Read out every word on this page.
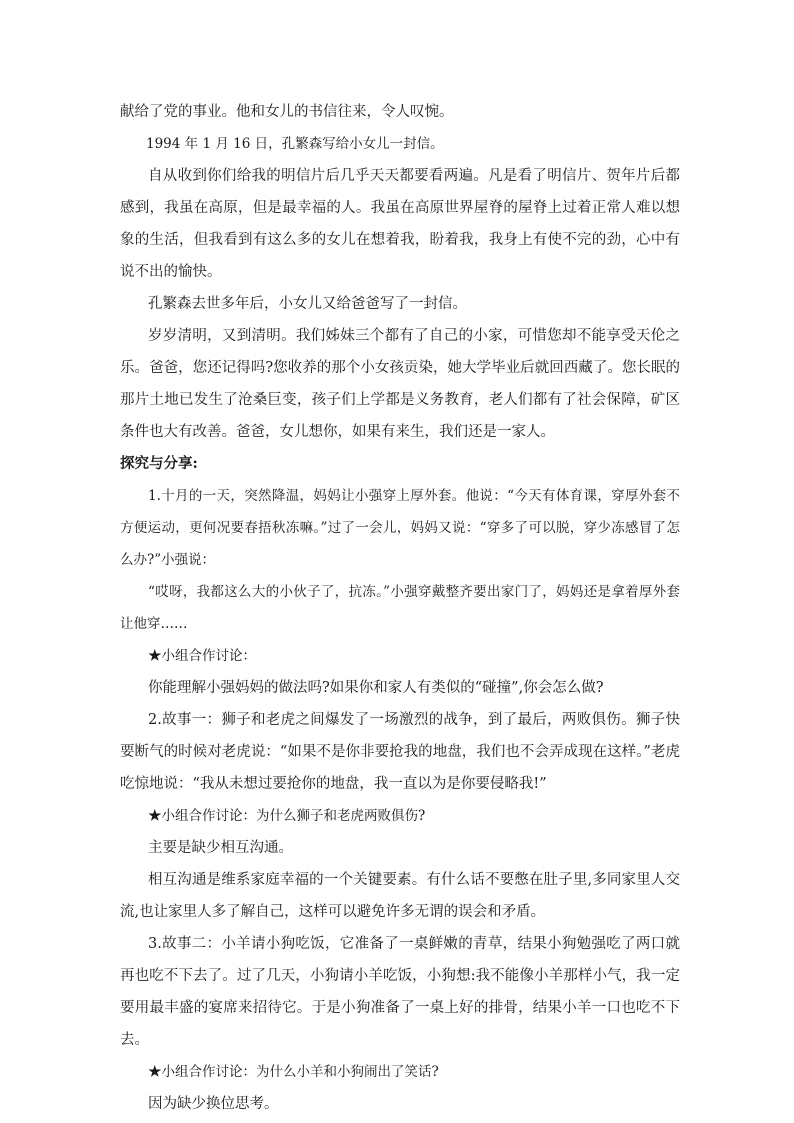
献给了党的事业。他和女儿的书信往来，令人叹惋。

1994 年 1 月 16 日，孔繁森写给小女儿一封信。

自从收到你们给我的明信片后几乎天天都要看两遍。凡是看了明信片、贺年片后都感到，我虽在高原，但是最幸福的人。我虽在高原世界屋脊的屋脊上过着正常人难以想象的生活，但我看到有这么多的女儿在想着我，盼着我，我身上有使不完的劲，心中有说不出的愉快。

孔繁森去世多年后，小女儿又给爸爸写了一封信。

岁岁清明，又到清明。我们姊妹三个都有了自己的小家，可惜您却不能享受天伦之乐。爸爸，您还记得吗?您收养的那个小女孩贡染，她大学毕业后就回西藏了。您长眠的那片土地已发生了沧桑巨变，孩子们上学都是义务教育，老人们都有了社会保障，矿区条件也大有改善。爸爸，女儿想你，如果有来生，我们还是一家人。

探究与分享:

1.十月的一天，突然降温，妈妈让小强穿上厚外套。他说：“今天有体育课，穿厚外套不方便运动，更何况要春捂秋冻嘛。”过了一会儿，妈妈又说：“穿多了可以脱，穿少冻感冒了怎么办?”小强说：

“哎呀，我都这么大的小伙子了，抗冻。”小强穿戴整齐要出家门了，妈妈还是拿着厚外套让他穿……

★小组合作讨论：

你能理解小强妈妈的做法吗?如果你和家人有类似的“碰撞”,你会怎么做?

2.故事一：狮子和老虎之间爆发了一场激烈的战争，到了最后，两败俱伤。狮子快要断气的时候对老虎说：“如果不是你非要抢我的地盘，我们也不会弄成现在这样。”老虎吃惊地说：“我从未想过要抢你的地盘，我一直以为是你要侵略我!”

★小组合作讨论：为什么狮子和老虎两败俱伤?

主要是缺少相互沟通。

相互沟通是维系家庭幸福的一个关键要素。有什么话不要憋在肚子里,多同家里人交流,也让家里人多了解自己，这样可以避免许多无谓的误会和矛盾。

3.故事二：小羊请小狗吃饭，它准备了一桌鲜嫩的青草，结果小狗勉强吃了两口就再也吃不下去了。过了几天，小狗请小羊吃饭，小狗想:我不能像小羊那样小气，我一定要用最丰盛的宴席来招待它。于是小狗准备了一桌上好的排骨，结果小羊一口也吃不下去。

★小组合作讨论：为什么小羊和小狗闹出了笑话?

因为缺少换位思考。
